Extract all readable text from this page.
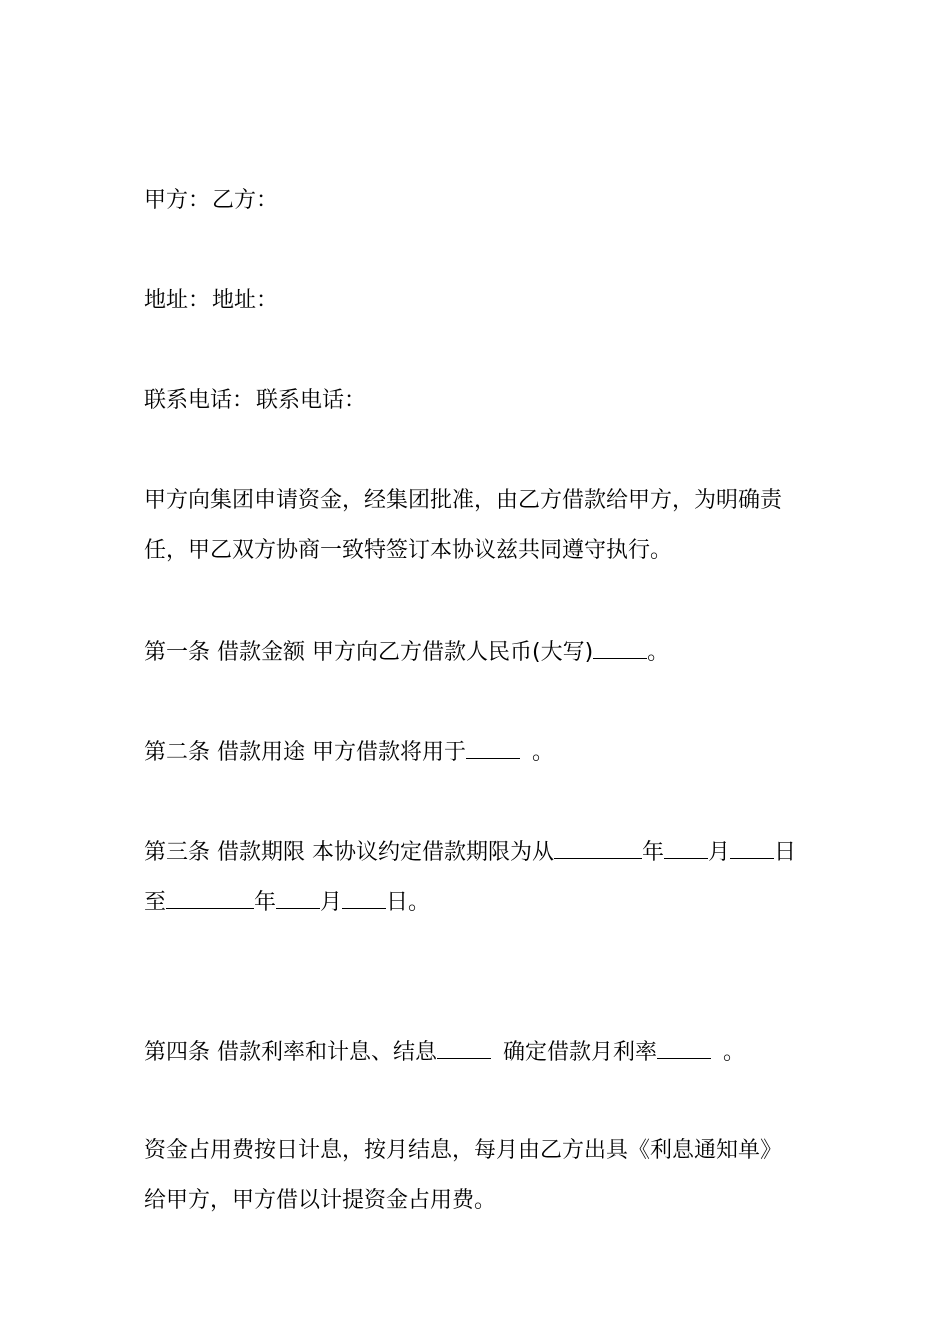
甲方：乙方：
地址：地址：
联系电话：联系电话：
甲方向集团申请资金，经集团批准，由乙方借款给甲方，为明确责
任，甲乙双方协商一致特签订本协议兹共同遵守执行。
第一条 借款金额 甲方向乙方借款人民币(大写) 。
第二条 借款用途 甲方借款将用于	。
第三条 借款期限 本协议约定借款期限为从	年 月 日
至	年 月 日。
第四条 借款利率和计息、结息	确定借款月利率	。
资金占用费按日计息，按月结息，每月由乙方出具《利息通知单》
给甲方，甲方借以计提资金占用费。
